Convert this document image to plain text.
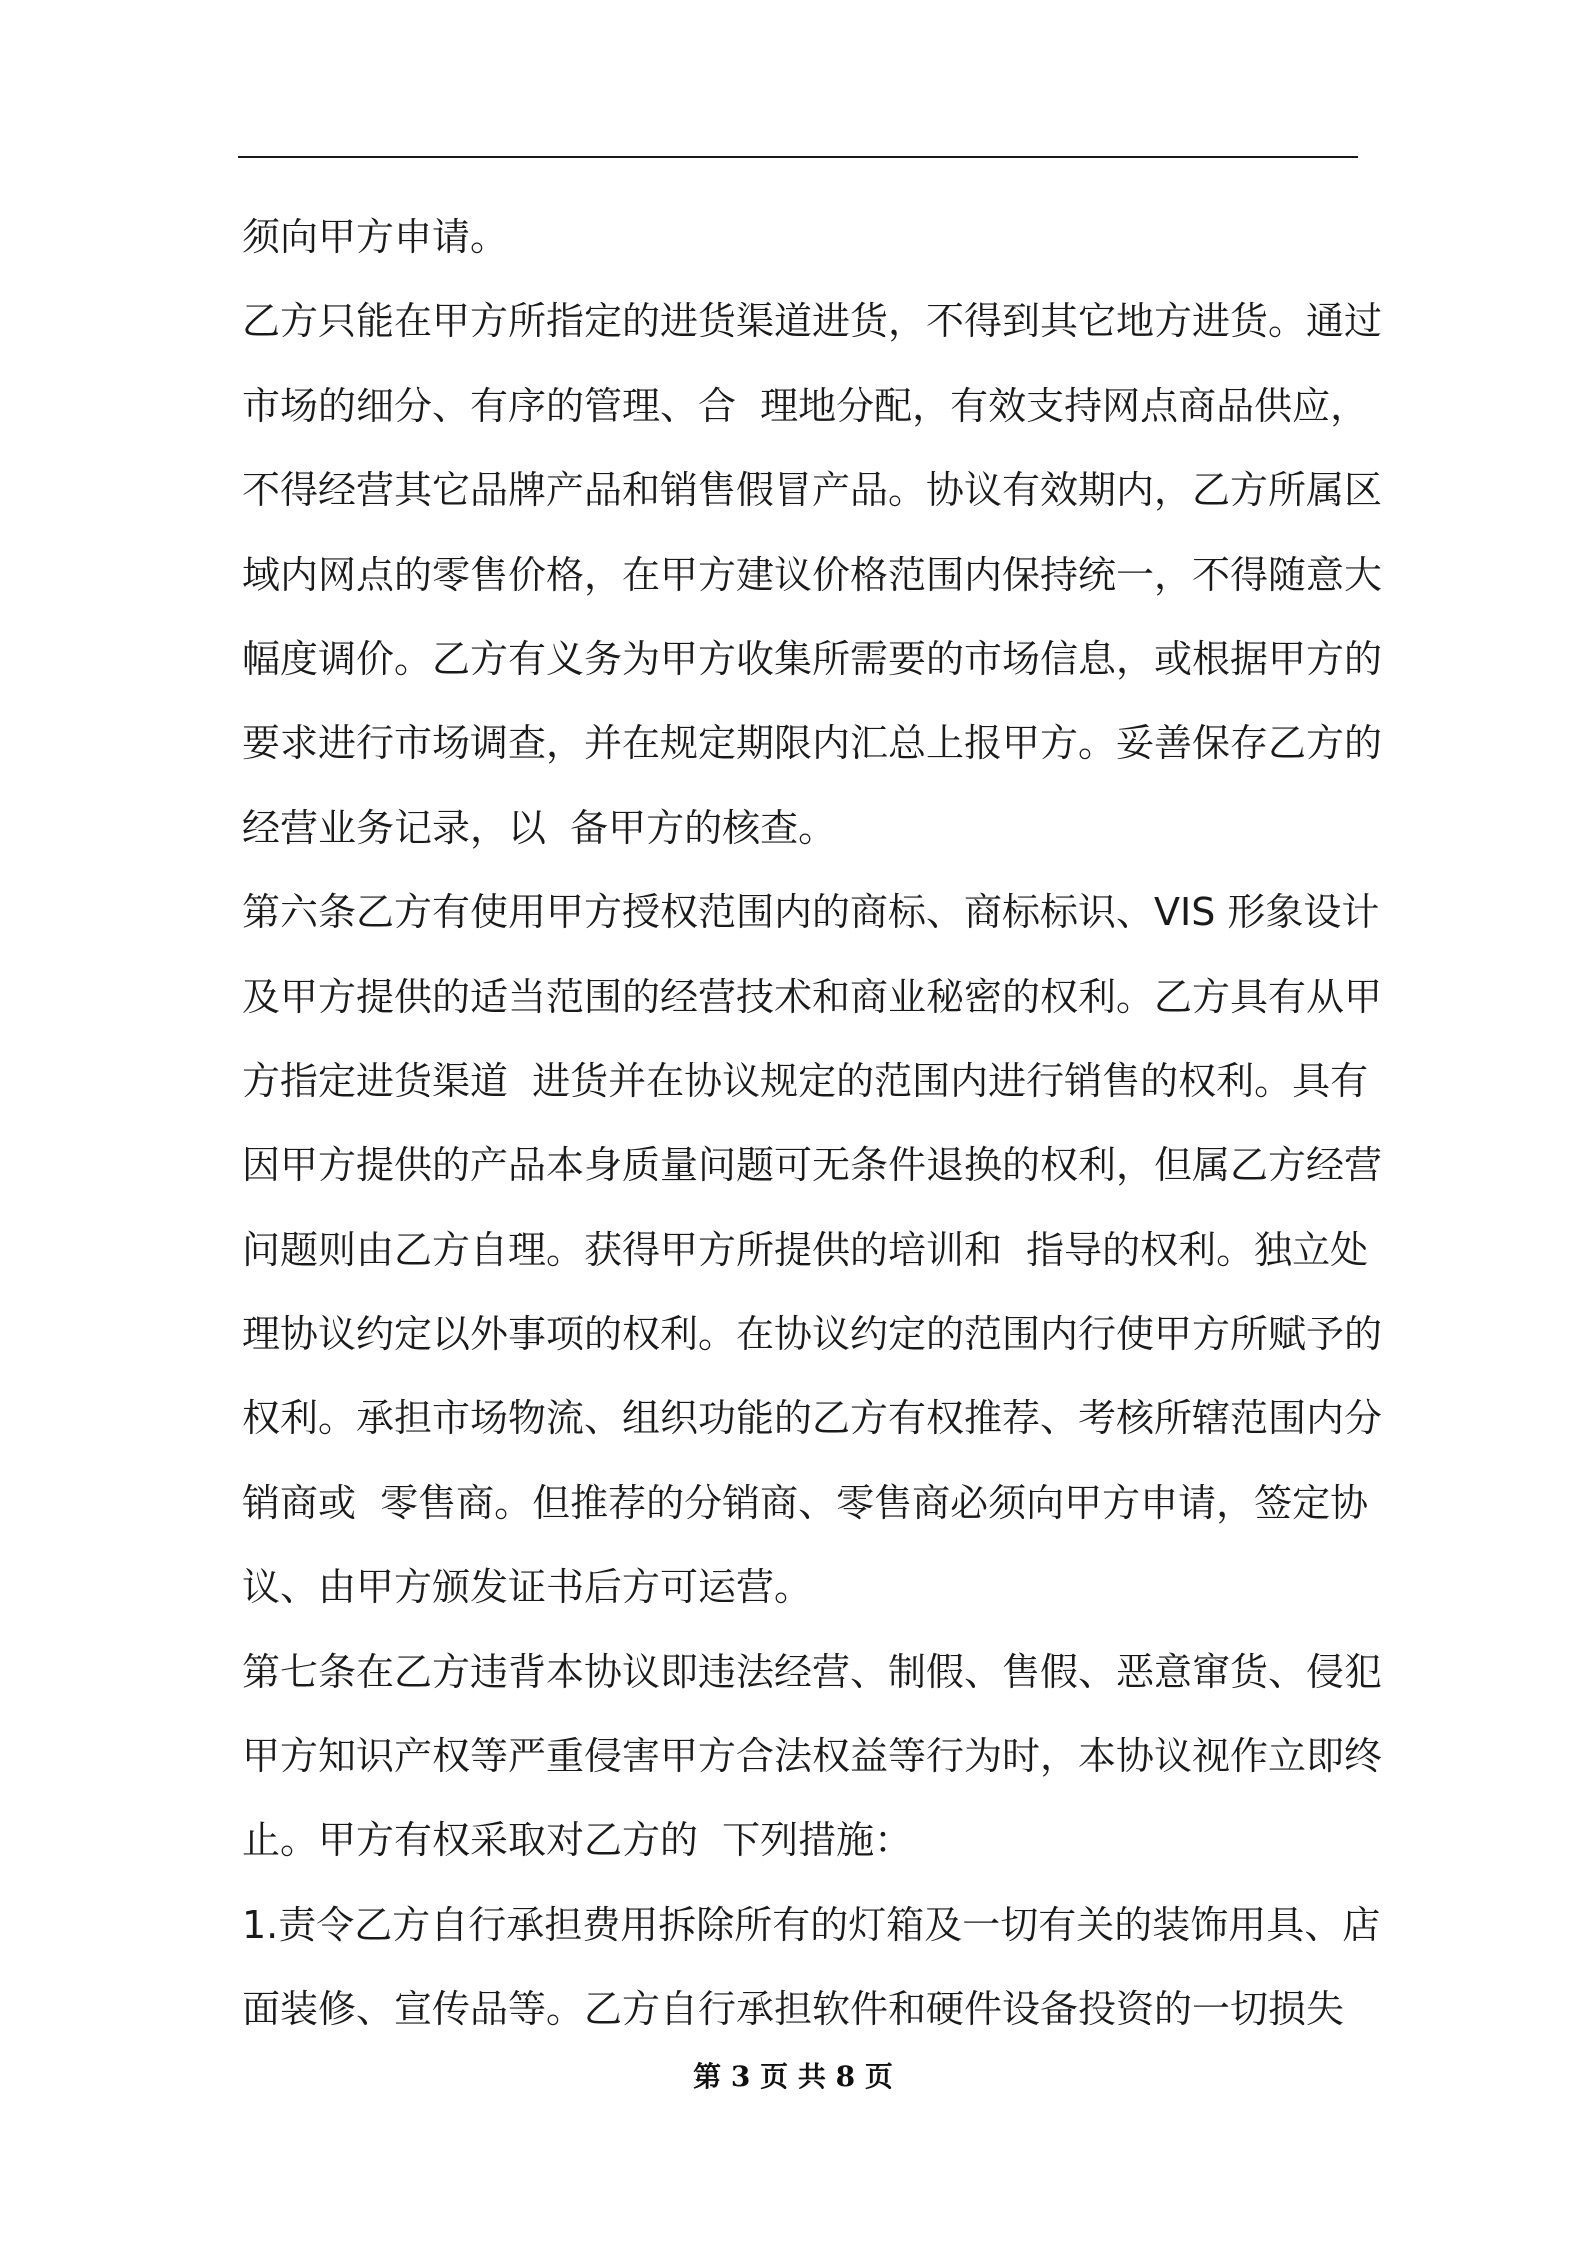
须向甲方申请。
乙方只能在甲方所指定的进货渠道进货，不得到其它地方进货。通过
市场的细分、有序的管理、合  理地分配，有效支持网点商品供应，
不得经营其它品牌产品和销售假冒产品。协议有效期内，乙方所属区
域内网点的零售价格，在甲方建议价格范围内保持统一，不得随意大
幅度调价。乙方有义务为甲方收集所需要的市场信息，或根据甲方的
要求进行市场调查，并在规定期限内汇总上报甲方。妥善保存乙方的
经营业务记录，以  备甲方的核查。
第六条乙方有使用甲方授权范围内的商标、商标标识、VIS 形象设计
及甲方提供的适当范围的经营技术和商业秘密的权利。乙方具有从甲
方指定进货渠道  进货并在协议规定的范围内进行销售的权利。具有
因甲方提供的产品本身质量问题可无条件退换的权利，但属乙方经营
问题则由乙方自理。获得甲方所提供的培训和  指导的权利。独立处
理协议约定以外事项的权利。在协议约定的范围内行使甲方所赋予的
权利。承担市场物流、组织功能的乙方有权推荐、考核所辖范围内分
销商或  零售商。但推荐的分销商、零售商必须向甲方申请，签定协
议、由甲方颁发证书后方可运营。
第七条在乙方违背本协议即违法经营、制假、售假、恶意窜货、侵犯
甲方知识产权等严重侵害甲方合法权益等行为时，本协议视作立即终
止。甲方有权采取对乙方的  下列措施：
1.责令乙方自行承担费用拆除所有的灯箱及一切有关的装饰用具、店
面装修、宣传品等。乙方自行承担软件和硬件设备投资的一切损失
第 3 页 共 8 页
